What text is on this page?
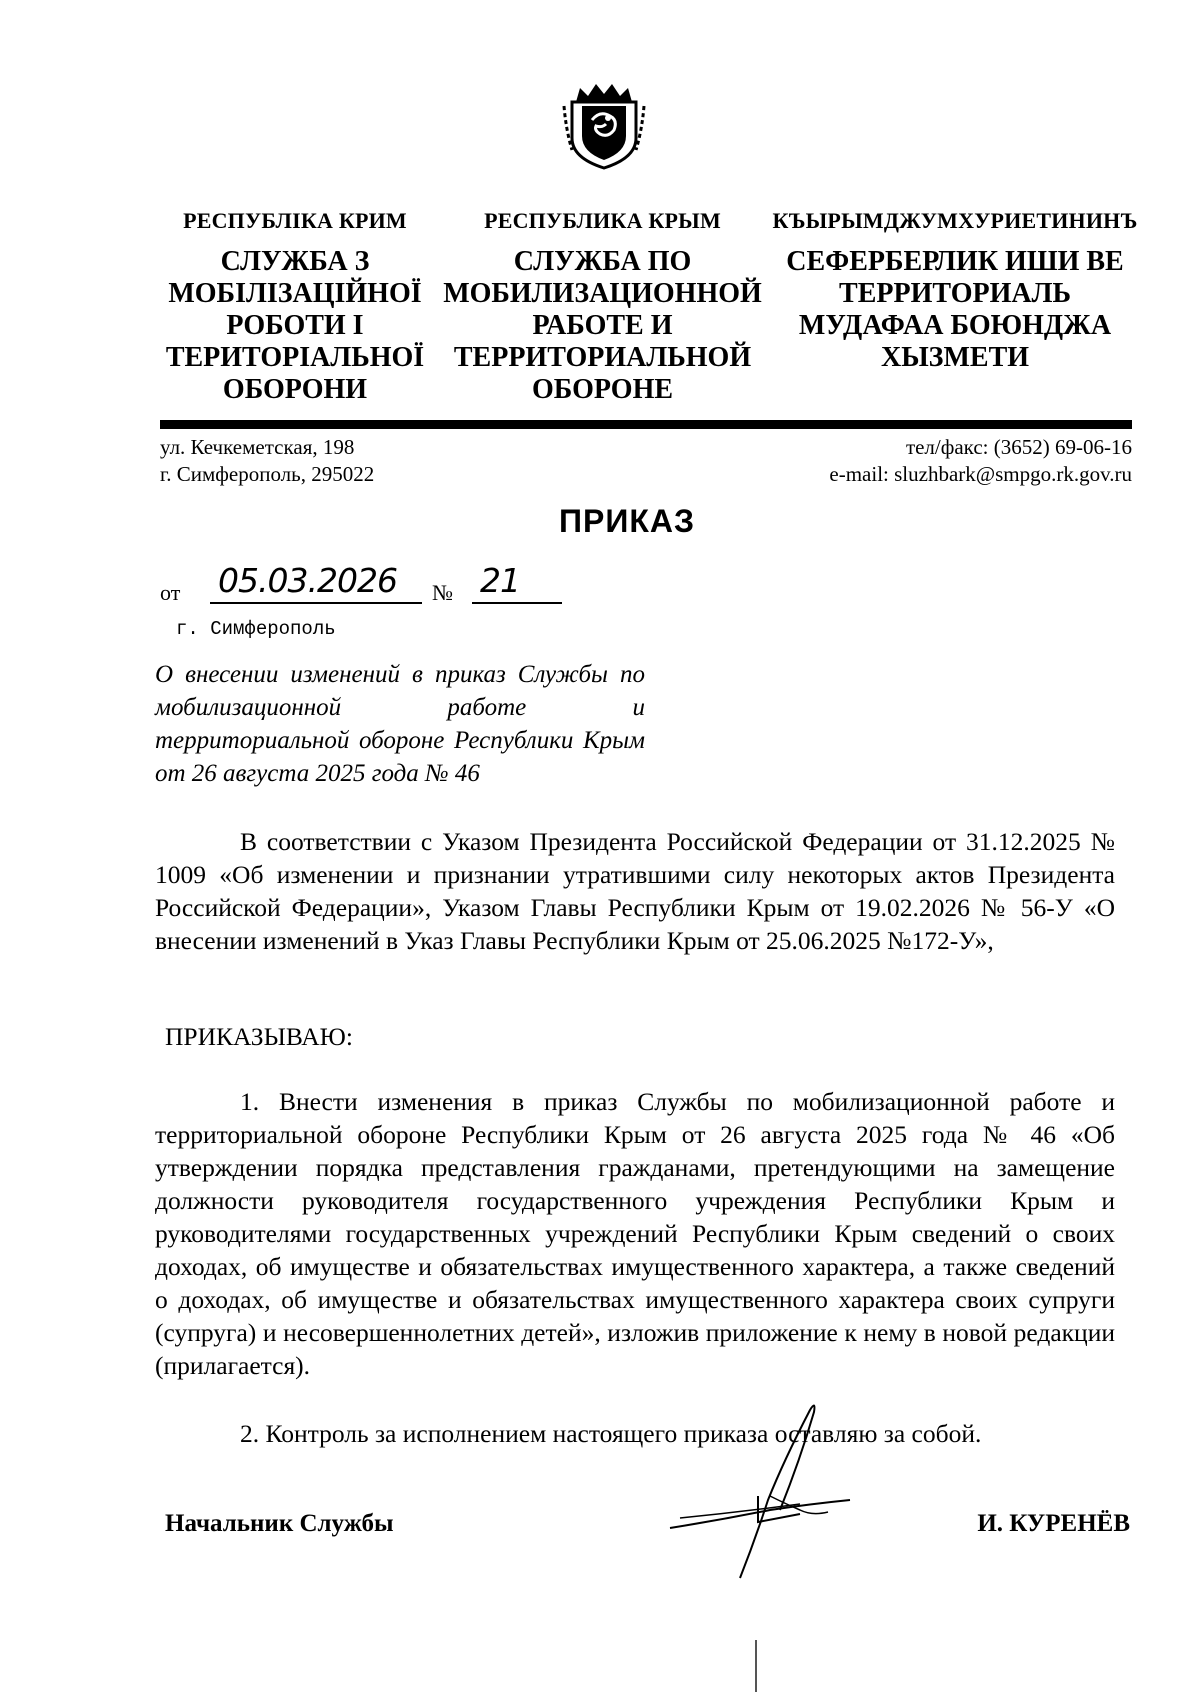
РЕСПУБЛІКА КРИМ
СЛУЖБА З
МОБІЛІЗАЦІЙНОЇ
РОБОТИ І
ТЕРИТОРІАЛЬНОЇ
ОБОРОНИ
РЕСПУБЛИКА КРЫМ
СЛУЖБА ПО
МОБИЛИЗАЦИОННОЙ
РАБОТЕ И
ТЕРРИТОРИАЛЬНОЙ
ОБОРОНЕ
КЪЫРЫМДЖУМХУРИЕТИНИНЪ
СЕФЕРБЕРЛИК ИШИ ВЕ
ТЕРРИТОРИАЛЬ
МУДАФАА БОЮНДЖА
ХЫЗМЕТИ
ул. Кечкеметская, 198
г. Симферополь, 295022
тел/факс: (3652) 69-06-16
e-mail: sluzhbark@smpgo.rk.gov.ru
ПРИКАЗ
от 05.03.2026 № 21
г. Симферополь
О внесении изменений в приказ Службы по мобилизационной работе и территориальной обороне Республики Крым от 26 августа 2025 года № 46
В соответствии с Указом Президента Российской Федерации от 31.12.2025 № 1009 «Об изменении и признании утратившими силу некоторых актов Президента Российской Федерации», Указом Главы Республики Крым от 19.02.2026 № 56-У «О внесении изменений в Указ Главы Республики Крым от 25.06.2025 №172-У»,
ПРИКАЗЫВАЮ:
1. Внести изменения в приказ Службы по мобилизационной работе и территориальной обороне Республики Крым от 26 августа 2025 года № 46 «Об утверждении порядка представления гражданами, претендующими на замещение должности руководителя государственного учреждения Республики Крым и руководителями государственных учреждений Республики Крым сведений о своих доходах, об имуществе и обязательствах имущественного характера, а также сведений о доходах, об имуществе и обязательствах имущественного характера своих супруги (супруга) и несовершеннолетних детей», изложив приложение к нему в новой редакции (прилагается).
2. Контроль за исполнением настоящего приказа оставляю за собой.
Начальник Службы	И. КУРЕНЁВ
